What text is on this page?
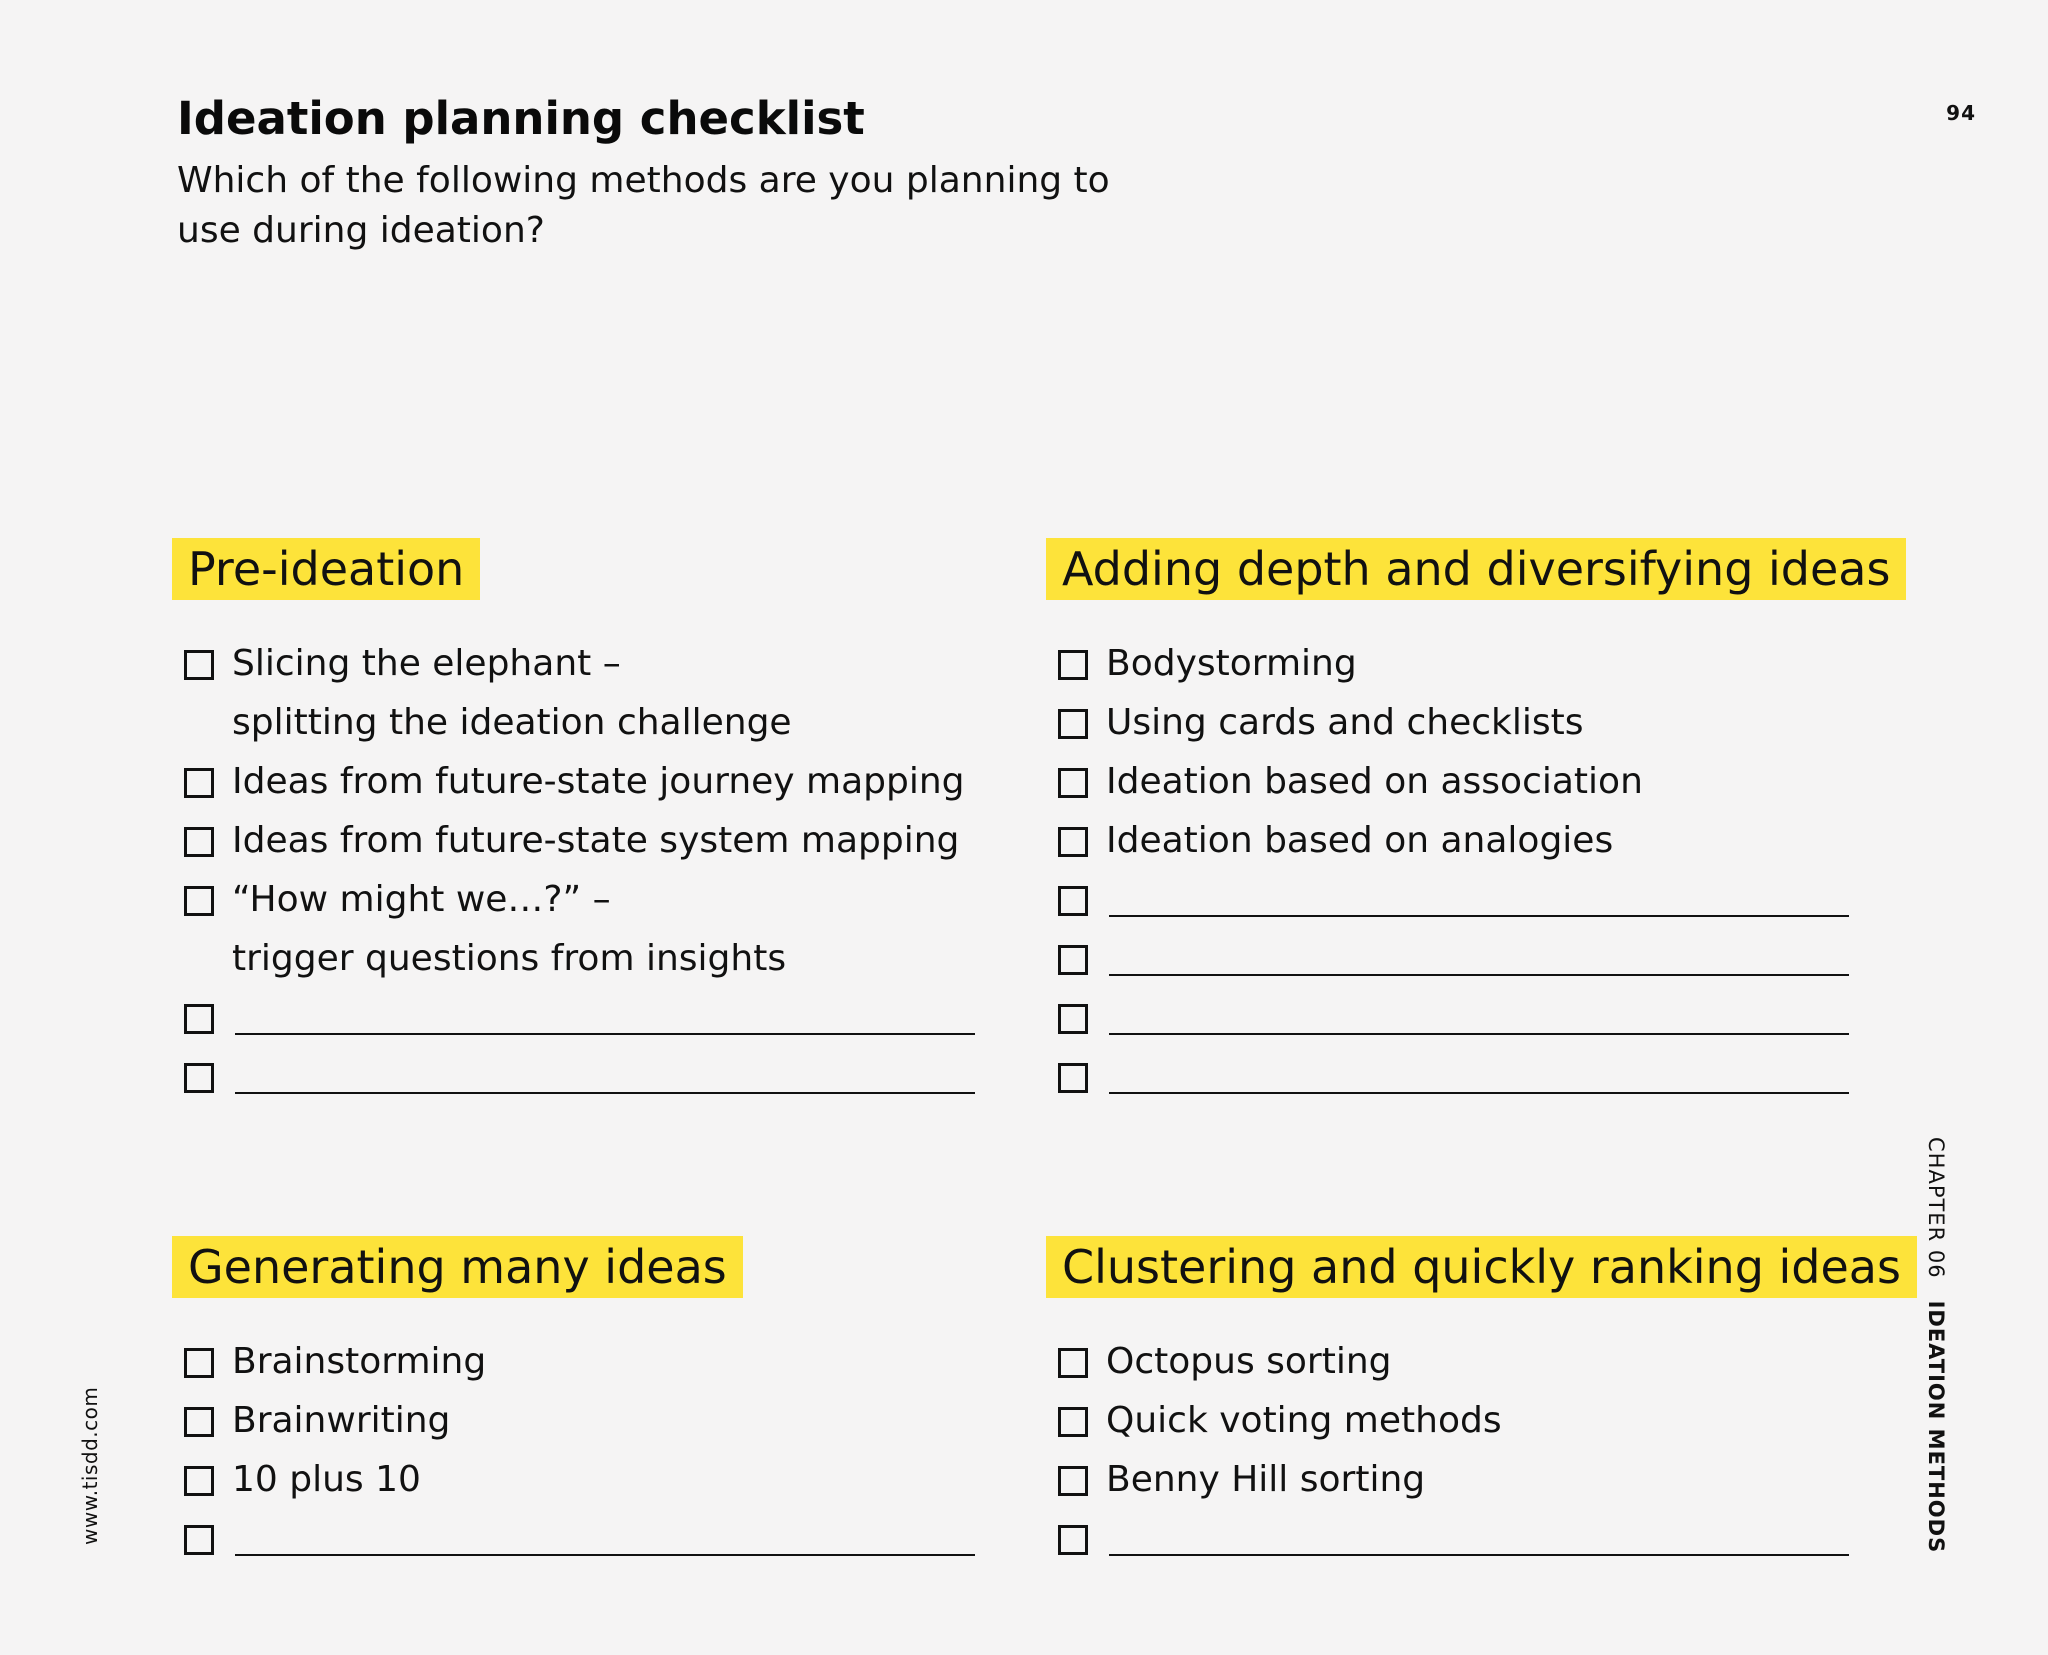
Ideation planning checklist

Which of the following methods are you planning to use during ideation?

94
Pre-ideation
Slicing the elephant –
splitting the ideation challenge
Ideas from future-state journey mapping
Ideas from future-state system mapping
“How might we…?” –
trigger questions from insights
Adding depth and diversifying ideas
Bodystorming
Using cards and checklists
Ideation based on association
Ideation based on analogies
Generating many ideas
Brainstorming
Brainwriting
10 plus 10
Clustering and quickly ranking ideas
Octopus sorting
Quick voting methods
Benny Hill sorting
www.tisdd.com
CHAPTER 06IDEATION METHODS
